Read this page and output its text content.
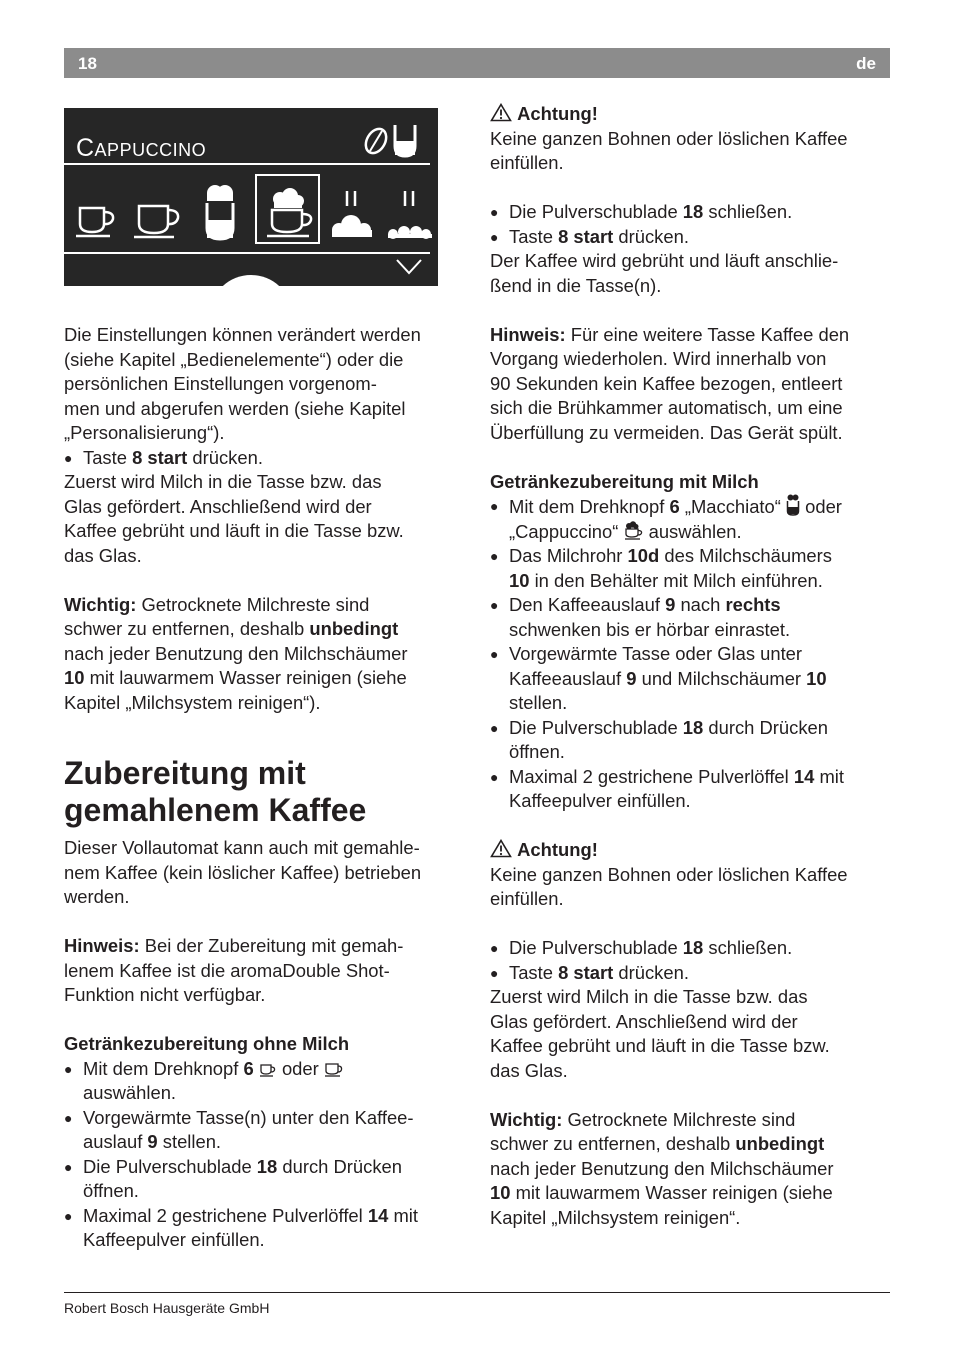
18	de
Cappuccino

Die Einstellungen können verändert werden
(siehe Kapitel „Bedienelemente“) oder die
persönlichen Einstellungen vorgenom-
men und abgerufen werden (siehe Kapitel
„Personalisierung“).

● Taste 8 start drücken.

Zuerst wird Milch in die Tasse bzw. das
Glas gefördert. Anschließend wird der
Kaffee gebrüht und läuft in die Tasse bzw.
das Glas.

Wichtig: Getrocknete Milchreste sind
schwer zu entfernen, deshalb unbedingt
nach jeder Benutzung den Milchschäumer
10 mit lauwarmem Wasser reinigen (siehe
Kapitel „Milchsystem reinigen“).

Zubereitung mit
gemahlenem Kaffee

Dieser Vollautomat kann auch mit gemahle-
nem Kaffee (kein löslicher Kaffee) betrieben
werden.

Hinweis: Bei der Zubereitung mit gemah-
lenem Kaffee ist die aromaDouble Shot-
Funktion nicht verfügbar.

Getränkezubereitung ohne Milch

● Mit dem Drehknopf 6  oder
auswählen.

● Vorgewärmte Tasse(n) unter den Kaffee-
auslauf 9 stellen.

● Die Pulverschublade 18 durch Drücken
öffnen.

● Maximal 2 gestrichene Pulverlöffel 14 mit
Kaffeepulver einfüllen.

Achtung!

Keine ganzen Bohnen oder löslichen Kaffee
einfüllen.

● Die Pulverschublade 18 schließen.

● Taste 8 start drücken.

Der Kaffee wird gebrüht und läuft anschlie-
ßend in die Tasse(n).

Hinweis: Für eine weitere Tasse Kaffee den
Vorgang wiederholen. Wird innerhalb von
90 Sekunden kein Kaffee bezogen, entleert
sich die Brühkammer automatisch, um eine
Überfüllung zu vermeiden. Das Gerät spült.

Getränkezubereitung mit Milch

● Mit dem Drehknopf 6 „Macchiato“  oder
„Cappuccino“  auswählen.

● Das Milchrohr 10d des Milchschäumers
10 in den Behälter mit Milch einführen.

● Den Kaffeeauslauf 9 nach rechts
schwenken bis er hörbar einrastet.

● Vorgewärmte Tasse oder Glas unter
Kaffeeauslauf 9 und Milchschäumer 10
stellen.

● Die Pulverschublade 18 durch Drücken
öffnen.

● Maximal 2 gestrichene Pulverlöffel 14 mit
Kaffeepulver einfüllen.

Achtung!

Keine ganzen Bohnen oder löslichen Kaffee
einfüllen.

● Die Pulverschublade 18 schließen.

● Taste 8 start drücken.

Zuerst wird Milch in die Tasse bzw. das
Glas gefördert. Anschließend wird der
Kaffee gebrüht und läuft in die Tasse bzw.
das Glas.

Wichtig: Getrocknete Milchreste sind
schwer zu entfernen, deshalb unbedingt
nach jeder Benutzung den Milchschäumer
10 mit lauwarmem Wasser reinigen (siehe
Kapitel „Milchsystem reinigen“.

Robert Bosch Hausgeräte GmbH
